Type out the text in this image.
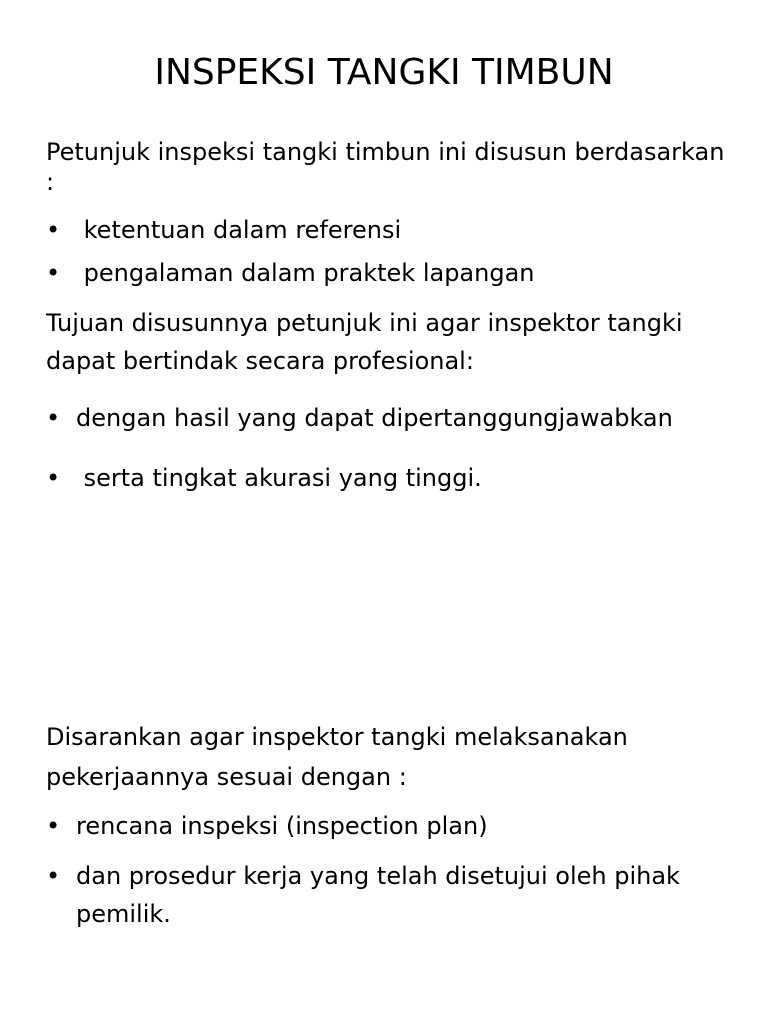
INSPEKSI TANGKI TIMBUN

Petunjuk inspeksi tangki timbun ini disusun berdasarkan :

• ketentuan dalam referensi
• pengalaman dalam praktek lapangan

Tujuan disusunnya petunjuk ini agar inspektor tangki dapat bertindak secara profesional:

• dengan hasil yang dapat dipertanggungjawabkan
• serta tingkat akurasi yang tinggi.

Disarankan agar inspektor tangki melaksanakan pekerjaannya sesuai dengan :

• rencana inspeksi (inspection plan)
• dan prosedur kerja yang telah disetujui oleh pihak pemilik.
